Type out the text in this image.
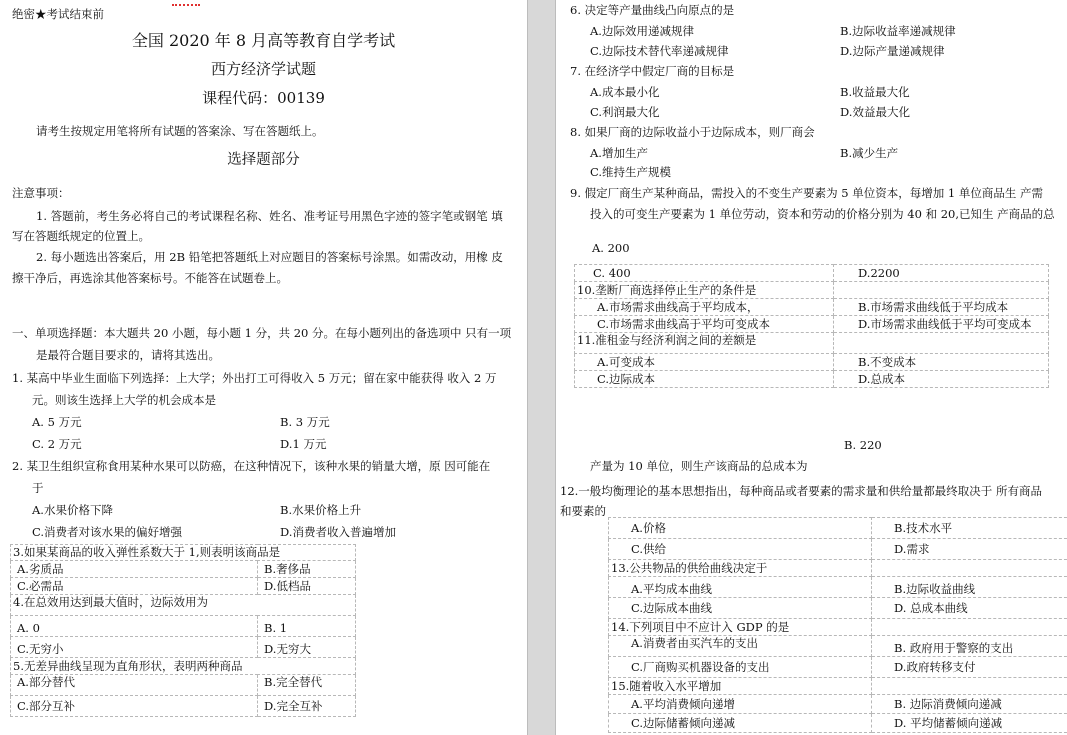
绝密★考试结束前
全国 2020 年 8 月高等教育自学考试
西方经济学试题
课程代码：00139
请考生按规定用笔将所有试题的答案涂、写在答题纸上。
选择题部分
注意事项：
1. 答题前，考生务必将自己的考试课程名称、姓名、准考证号用黑色字迹的签字笔或钢笔 填
写在答题纸规定的位置上。
2. 每小题选出答案后，用 2B 铅笔把答题纸上对应题目的答案标号涂黑。如需改动，用橡 皮
擦干净后，再选涂其他答案标号。不能答在试题卷上。
一、单项选择题：本大题共 20 小题，每小题 1 分，共 20 分。在每小题列出的备选项中 只有一项
是最符合题目要求的，请将其选出。
1. 某高中毕业生面临下列选择：上大学；外出打工可得收入 5 万元；留在家中能获得 收入 2 万
元。则该生选择上大学的机会成本是
A. 5 万元	B. 3 万元
C. 2 万元	D.1 万元
2. 某卫生组织宣称食用某种水果可以防癌，在这种情况下，该种水果的销量大增，原 因可能在
于
A.水果价格下降	B.水果价格上升
C.消费者对该水果的偏好增强	D.消费者收入普遍增加
3.如果某商品的收入弹性系数大于 1,则表明该商品是	
A.劣质品	B.奢侈品
C.必需品	D.低档品
4.在总效用达到最大值时，边际效用为	
A. 0	B. 1
C.无穷小	D.无穷大
5.无差异曲线呈现为直角形状，表明两种商品	
A.部分替代	B.完全替代
C.部分互补	D.完全互补
6. 决定等产量曲线凸向原点的是
A.边际效用递减规律	B.边际收益率递减规律
C.边际技术替代率递减规律	D.边际产量递减规律
7. 在经济学中假定厂商的目标是
A.成本最小化	B.收益最大化
C.利润最大化	D.效益最大化
8. 如果厂商的边际收益小于边际成本，则厂商会
A.增加生产	B.减少生产
C.维持生产规模
9. 假定厂商生产某种商品，需投入的不变生产要素为 5 单位资本，每增加 1 单位商品生 产需
投入的可变生产要素为 1 单位劳动，资本和劳动的价格分别为 40 和 20,已知生 产商品的总
A. 200
C. 400	D.2200
10.垄断厂商选择停止生产的条件是	
A.市场需求曲线高于平均成本，	B.市场需求曲线低于平均成本
C.市场需求曲线高于平均可变成本	D.市场需求曲线低于平均可变成本
11.准租金与经济利润之间的差额是	
A.可变成本	B.不变成本
C.边际成本	D.总成本
B. 220
产量为 10 单位，则生产该商品的总成本为
12.一般均衡理论的基本思想指出，每种商品或者要素的需求量和供给量都最终取决于 所有商品
和要素的
A.价格	B.技术水平
C.供给	D.需求
13.公共物品的供给曲线决定于	
A.平均成本曲线	B.边际收益曲线
C.边际成本曲线	D. 总成本曲线
14.下列项目中不应计入 GDP 的是	
A.消费者由买汽车的支出	B. 政府用于警察的支出
C.厂商购买机器设备的支出	D.政府转移支付
15.随着收入水平增加	
A.平均消费倾向递增	B. 边际消费倾向递减
C.边际储蓄倾向递减	D. 平均储蓄倾向递减
